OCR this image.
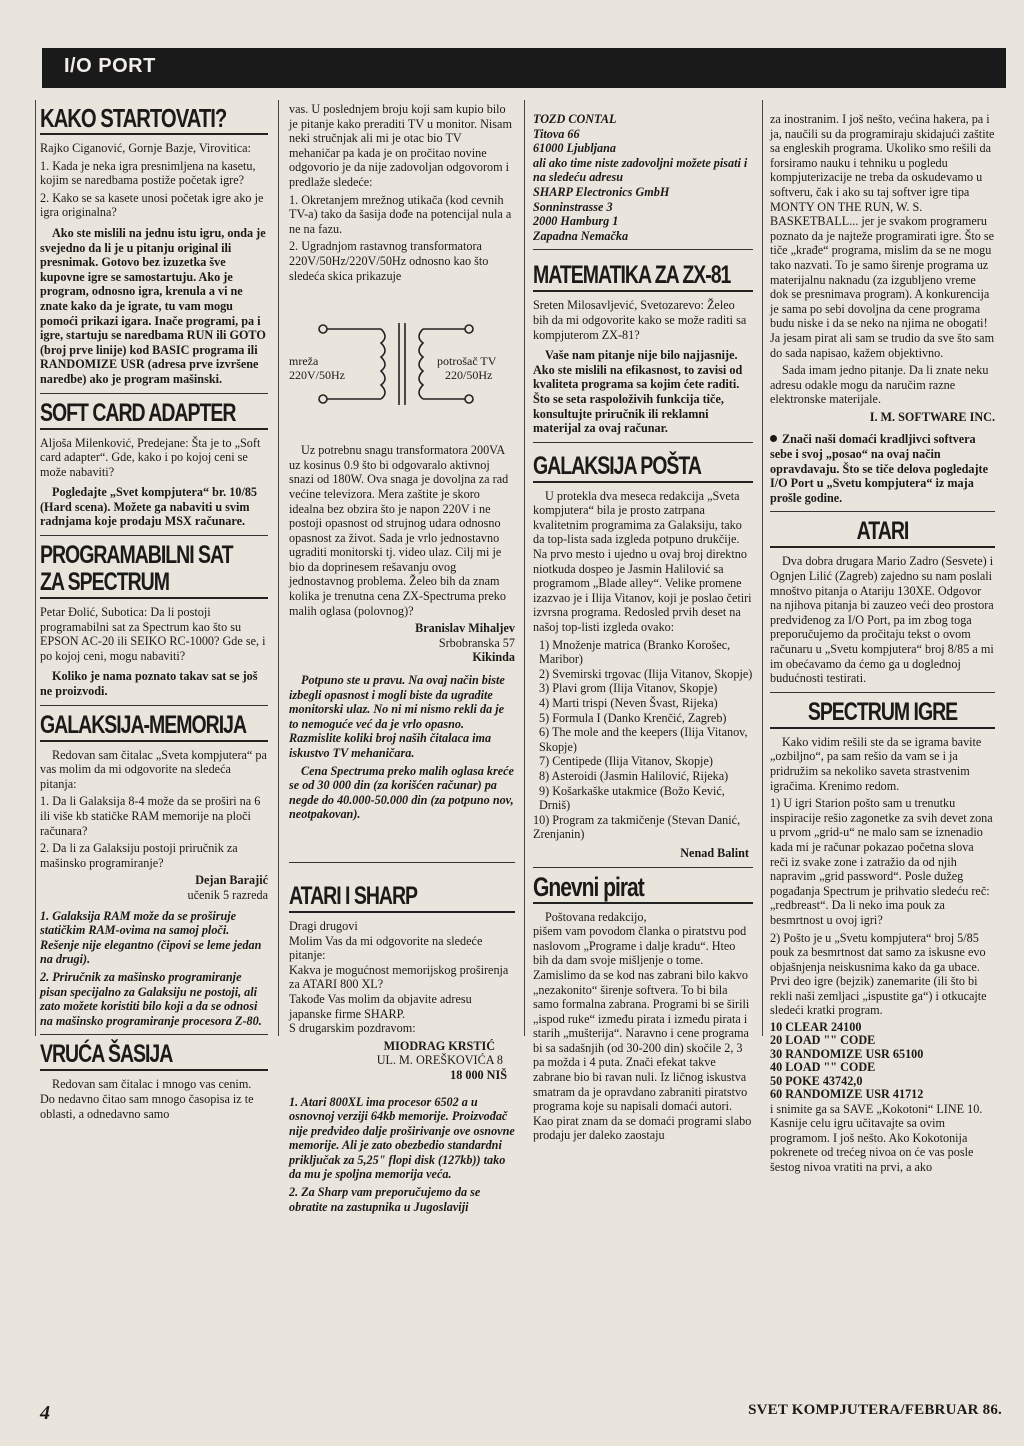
I/O PORT
KAKO STARTOVATI?

Rajko Ciganović, Gornje Bazje, Virovitica:

1. Kada je neka igra presnimljena na kasetu, kojim se naredbama postiže početak igre?

2. Kako se sa kasete unosi početak igre ako je igra originalna?

Ako ste mislili na jednu istu igru, onda je svejedno da li je u pitanju original ili presnimak. Gotovo bez izuzetka šve kupovne igre se samostartuju. Ako je program, odnosno igra, krenula a vi ne znate kako da je igrate, tu vam mogu pomoći prikazi igara. Inače programi, pa i igre, startuju se naredbama RUN ili GOTO (broj prve linije) kod BASIC programa ili RANDOMIZE USR (adresa prve izvršene naredbe) ako je program mašinski.

SOFT CARD ADAPTER

Aljoša Milenković, Predejane: Šta je to „Soft card adapter“. Gde, kako i po kojoj ceni se može nabaviti?

Pogledajte „Svet kompjutera“ br. 10/85 (Hard scena). Možete ga nabaviti u svim radnjama koje prodaju MSX računare.

PROGRAMABILNI SAT
ZA SPECTRUM

Petar Đolić, Subotica: Da li postoji programabilni sat za Spectrum kao što su EPSON AC-20 ili SEIKO RC-1000? Gde se, i po kojoj ceni, mogu nabaviti?

Koliko je nama poznato takav sat se još ne proizvodi.

GALAKSIJA-MEMORIJA

Redovan sam čitalac „Sveta kompjutera“ pa vas molim da mi odgovorite na sledeća pitanja:

1. Da li Galaksija 8-4 može da se proširi na 6 ili više kb statičke RAM memorije na ploči računara?

2. Da li za Galaksiju postoji priručnik za mašinsko programiranje?

Dejan Barajić

učenik 5 razreda

1. Galaksija RAM može da se proširuje statičkim RAM-ovima na samoj ploči. Rešenje nije elegantno (čipovi se leme jedan na drugi).

2. Priručnik za mašinsko programiranje pisan specijalno za Galaksiju ne postoji, ali zato možete koristiti bilo koji a da se odnosi na mašinsko programiranje procesora Z-80.

VRUĆA ŠASIJA

Redovan sam čitalac i mnogo vas cenim. Do nedavno čitao sam mnogo časopisa iz te oblasti, a odnedavno samo

vas. U poslednjem broju koji sam kupio bilo je pitanje kako preraditi TV u monitor. Nisam neki stručnjak ali mi je otac bio TV mehaničar pa kada je on pročitao novine odgovorio je da nije zadovoljan odgovorom i predlaže sledeće:

1. Okretanjem mrežnog utikača (kod cevnih TV-a) tako da šasija dođe na potencijal nula a ne na fazu.

2. Ugradnjom rastavnog transformatora 220V/50Hz/220V/50Hz odnosno kao što sledeća skica prikazuje

mreža
220V/50Hz
potrošač TV
220/50Hz

Uz potrebnu snagu transformatora 200VA uz kosinus 0.9 što bi odgovaralo aktivnoj snazi od 180W. Ova snaga je dovoljna za rad većine televizora. Mera zaštite je skoro idealna bez obzira što je napon 220V i ne postoji opasnost od strujnog udara odnosno opasnost za život. Sada je vrlo jednostavno ugraditi monitorski tj. video ulaz. Cilj mi je bio da doprinesem rešavanju ovog jednostavnog problema. Želeo bih da znam kolika je trenutna cena ZX-Spectruma preko malih oglasa (polovnog)?

Branislav Mihaljev

Srbobranska 57

Kikinda

Potpuno ste u pravu. Na ovaj način biste izbegli opasnost i mogli biste da ugradite monitorski ulaz. No ni mi nismo rekli da je to nemoguće već da je vrlo opasno. Razmislite koliki broj naših čitalaca ima iskustvo TV mehaničara.

Cena Spectruma preko malih oglasa kreće se od 30 000 din (za korišćen računar) pa negde do 40.000-50.000 din (za potpuno nov, neotpakovan).

ATARI I SHARP

Dragi drugovi
Molim Vas da mi odgovorite na sledeće pitanje:
Kakva je mogućnost memorijskog proširenja za ATARI 800 XL?
Takođe Vas molim da objavite adresu japanske firme SHARP.
S drugarskim pozdravom:

MIODRAG KRSTIĆ

UL. M. OREŠKOVIĆA 8

18 000 NIŠ

1. Atari 800XL ima procesor 6502 a u osnovnoj verziji 64kb memorije. Proizvođač nije predvideo dalje proširivanje ove osnovne memorije. Ali je zato obezbedio standardni priključak za 5,25" flopi disk (127kb)) tako da mu je spoljna memorija veća.

2. Za Sharp vam preporučujemo da se obratite na zastupnika u Jugoslaviji

TOZD CONTAL

Titova 66

61000 Ljubljana

ali ako time niste zadovoljni možete pisati i na sledeću adresu

SHARP Electronics GmbH

Sonninstrasse 3

2000 Hamburg 1

Zapadna Nemačka

MATEMATIKA ZA ZX-81

Sreten Milosavljević, Svetozarevo: Želeo bih da mi odgovorite kako se može raditi sa kompjuterom ZX-81?

Vaše nam pitanje nije bilo najjasnije. Ako ste mislili na efikasnost, to zavisi od kvaliteta programa sa kojim ćete raditi. Što se seta raspoloživih funkcija tiče, konsultujte priručnik ili reklamni materijal za ovaj računar.

GALAKSIJA POŠTA

U protekla dva meseca redakcija „Sveta kompjutera“ bila je prosto zatrpana kvalitetnim programima za Galaksiju, tako da top-lista sada izgleda potpuno drukčije. Na prvo mesto i ujedno u ovaj broj direktno niotkuda dospeo je Jasmin Halilović sa programom „Blade alley“. Velike promene izazvao je i Ilija Vitanov, koji je poslao četiri izvrsna programa. Redosled prvih deset na našoj top-listi izgleda ovako:

1) Množenje matrica (Branko Korošec, Maribor)

2) Svemirski trgovac (Ilija Vitanov, Skopje)

3) Plavi grom (Ilija Vitanov, Skopje)

4) Marti trispi (Neven Švast, Rijeka)

5) Formula I (Danko Krenčić, Zagreb)

6) The mole and the keepers (Ilija Vitanov, Skopje)

7) Centipede (Ilija Vitanov, Skopje)

8) Asteroidi (Jasmin Halilović, Rijeka)

9) Košarkaške utakmice (Božo Kević, Drniš)

10) Program za takmičenje (Stevan Danić, Zrenjanin)

Nenad Balint

Gnevni pirat

Poštovana redakcijo,

pišem vam povodom članka o piratstvu pod naslovom „Programe i dalje kradu“. Hteo bih da dam svoje mišljenje o tome. Zamislimo da se kod nas zabrani bilo kakvo „nezakonito“ širenje softvera. To bi bila samo formalna zabrana. Programi bi se širili „ispod ruke“ između pirata i između pirata i starih „mušterija“. Naravno i cene programa bi sa sadašnjih (od 30-200 din) skočile 2, 3 pa možda i 4 puta. Znači efekat takve zabrane bio bi ravan nuli. Iz ličnog iskustva smatram da je opravdano zabraniti piratstvo programa koje su napisali domaći autori. Kao pirat znam da se domaći programi slabo prodaju jer daleko zaostaju

za inostranim. I još nešto, većina hakera, pa i ja, naučili su da programiraju skidajući zaštite sa engleskih programa. Ukoliko smo rešili da forsiramo nauku i tehniku u pogledu kompjuterizacije ne treba da oskudevamo u softveru, čak i ako su taj softver igre tipa MONTY ON THE RUN, W. S. BASKETBALL... jer je svakom programeru poznato da je najteže programirati igre. Što se tiče „krađe“ programa, mislim da se ne mogu tako nazvati. To je samo širenje programa uz materijalnu naknadu (za izgubljeno vreme dok se presnimava program). A konkurencija je sama po sebi dovoljna da cene programa budu niske i da se neko na njima ne obogati! Ja jesam pirat ali sam se trudio da sve što sam do sada napisao, kažem objektivno.

Sada imam jedno pitanje. Da li znate neku adresu odakle mogu da naručim razne elektronske materijale.

I. M. SOFTWARE INC.

Znači naši domaći kradljivci softvera sebe i svoj „posao“ na ovaj način opravdavaju. Što se tiče delova pogledajte I/O Port u „Svetu kompjutera“ iz maja prošle godine.

ATARI

Dva dobra drugara Mario Zadro (Sesvete) i Ognjen Lilić (Zagreb) zajedno su nam poslali mnoštvo pitanja o Atariju 130XE. Odgovor na njihova pitanja bi zauzeo veći deo prostora predviđenog za I/O Port, pa im zbog toga preporučujemo da pročitaju tekst o ovom računaru u „Svetu kompjutera“ broj 8/85 a mi im obećavamo da ćemo ga u doglednoj budućnosti testirati.

SPECTRUM IGRE

Kako vidim rešili ste da se igrama bavite „ozbiljno“, pa sam rešio da vam se i ja pridružim sa nekoliko saveta strastvenim igračima. Krenimo redom.

1) U igri Starion pošto sam u trenutku inspiracije rešio zagonetke za svih devet zona u prvom „grid-u“ ne malo sam se iznenadio kada mi je računar pokazao početna slova reči iz svake zone i zatražio da od njih napravim „grid password“. Posle dužeg pogađanja Spectrum je prihvatio sledeću reč: „redbreast“. Da li neko ima pouk za besmrtnost u ovoj igri?

2) Pošto je u „Svetu kompjutera“ broj 5/85 pouk za besmrtnost dat samo za iskusne evo objašnjenja neiskusnima kako da ga ubace. Prvi deo igre (bejzik) zanemarite (ili što bi rekli naši zemljaci „ispustite ga“) i otkucajte sledeći kratki program.

10 CLEAR 24100
20 LOAD "" CODE
30 RANDOMIZE USR 65100
40 LOAD "" CODE
50 POKE 43742,0
60 RANDOMIZE USR 41712

i snimite ga sa SAVE „Kokotoni“ LINE 10. Kasnije celu igru učitavajte sa ovim programom. I još nešto. Ako Kokotonija pokrenete od trećeg nivoa on će vas posle šestog nivoa vratiti na prvi, a ako

4	SVET KOMPJUTERA/FEBRUAR 86.
